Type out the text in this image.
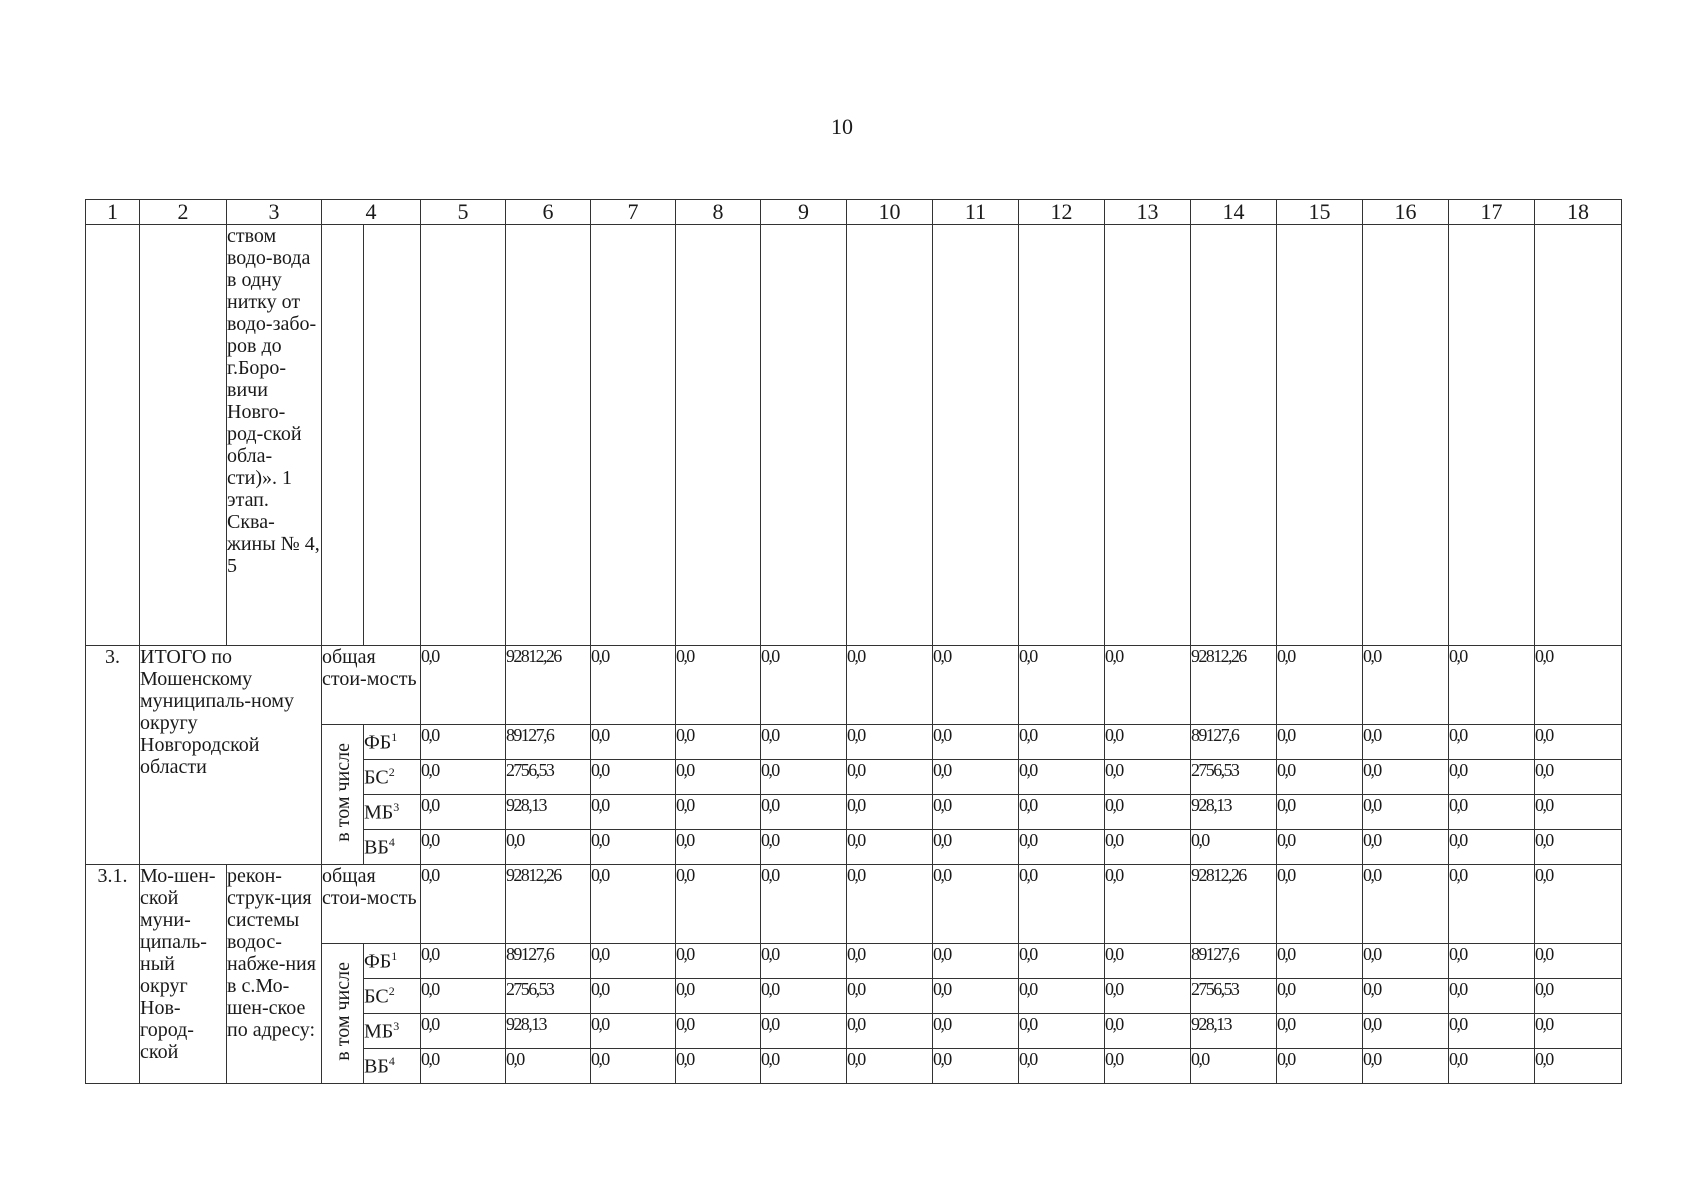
10
1	2	3	4		5	6	7	8	9	10	11	12	13	14	15	16	17	18
		ством водо-вода в одну нитку от водо-забо-ров до г.Боро-вичи Новго-род-ской обла-сти)». 1 этап. Сква-жины № 4, 5																
3.	ИТОГО по Мошенскому муниципаль-ному округу Новгородской области		общая стои-мость		0,0	92812,26	0,0	0,0	0,0	0,0	0,0	0,0	0,0	92812,26	0,0	0,0	0,0	0,0
			в том числе	$ФБ^1$	0,0	89127,6	0,0	0,0	0,0	0,0	0,0	0,0	0,0	89127,6	0,0	0,0	0,0	0,0
				$БС^2$	0,0	2756,53	0,0	0,0	0,0	0,0	0,0	0,0	0,0	2756,53	0,0	0,0	0,0	0,0
				$МБ^3$	0,0	928,13	0,0	0,0	0,0	0,0	0,0	0,0	0,0	928,13	0,0	0,0	0,0	0,0
				$ВБ^4$	0,0	0,0	0,0	0,0	0,0	0,0	0,0	0,0	0,0	0,0	0,0	0,0	0,0	0,0
3.1.	Мо-шен-ской муни-ципаль-ный округ Нов-город-ской	рекон-струк-ция системы водос-набже-ния в с.Мо-шен-ское по адресу:	общая стои-мость		0,0	92812,26	0,0	0,0	0,0	0,0	0,0	0,0	0,0	92812,26	0,0	0,0	0,0	0,0
			в том числе	$ФБ^1$	0,0	89127,6	0,0	0,0	0,0	0,0	0,0	0,0	0,0	89127,6	0,0	0,0	0,0	0,0
				$БС^2$	0,0	2756,53	0,0	0,0	0,0	0,0	0,0	0,0	0,0	2756,53	0,0	0,0	0,0	0,0
				$МБ^3$	0,0	928,13	0,0	0,0	0,0	0,0	0,0	0,0	0,0	928,13	0,0	0,0	0,0	0,0
				$ВБ^4$	0,0	0,0	0,0	0,0	0,0	0,0	0,0	0,0	0,0	0,0	0,0	0,0	0,0	0,0
